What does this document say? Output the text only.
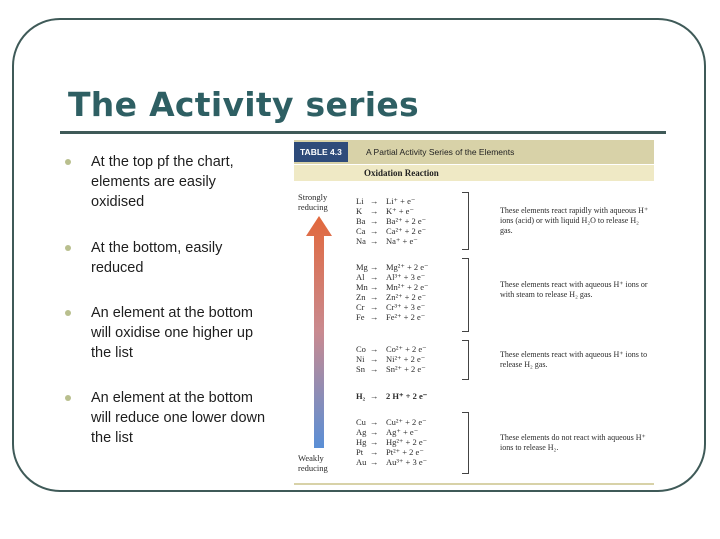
The Activity series
At the top pf the chart, elements are easily oxidised
At the bottom, easily reduced
An element at the bottom will oxidise one higher up the list
An element at the bottom will reduce one lower down the list
TABLE 4.3	A Partial Activity Series of the Elements
Oxidation Reaction
Strongly reducing
Weakly reducing
Li → Li⁺ + e⁻
K → K⁺ + e⁻
Ba → Ba²⁺ + 2 e⁻
Ca → Ca²⁺ + 2 e⁻
Na → Na⁺ + e⁻
Mg → Mg²⁺ + 2 e⁻
Al → Al³⁺ + 3 e⁻
Mn → Mn²⁺ + 2 e⁻
Zn → Zn²⁺ + 2 e⁻
Cr → Cr³⁺ + 3 e⁻
Fe → Fe²⁺ + 2 e⁻
Co → Co²⁺ + 2 e⁻
Ni → Ni²⁺ + 2 e⁻
Sn → Sn²⁺ + 2 e⁻
H₂ → 2 H⁺ + 2 e⁻
Cu → Cu²⁺ + 2 e⁻
Ag → Ag⁺ + e⁻
Hg → Hg²⁺ + 2 e⁻
Pt → Pt²⁺ + 2 e⁻
Au → Au³⁺ + 3 e⁻
These elements react rapidly with aqueous H⁺ ions (acid) or with liquid H₂O to release H₂ gas.
These elements react with aqueous H⁺ ions or with steam to release H₂ gas.
These elements react with aqueous H⁺ ions to release H₂ gas.
These elements do not react with aqueous H⁺ ions to release H₂.
